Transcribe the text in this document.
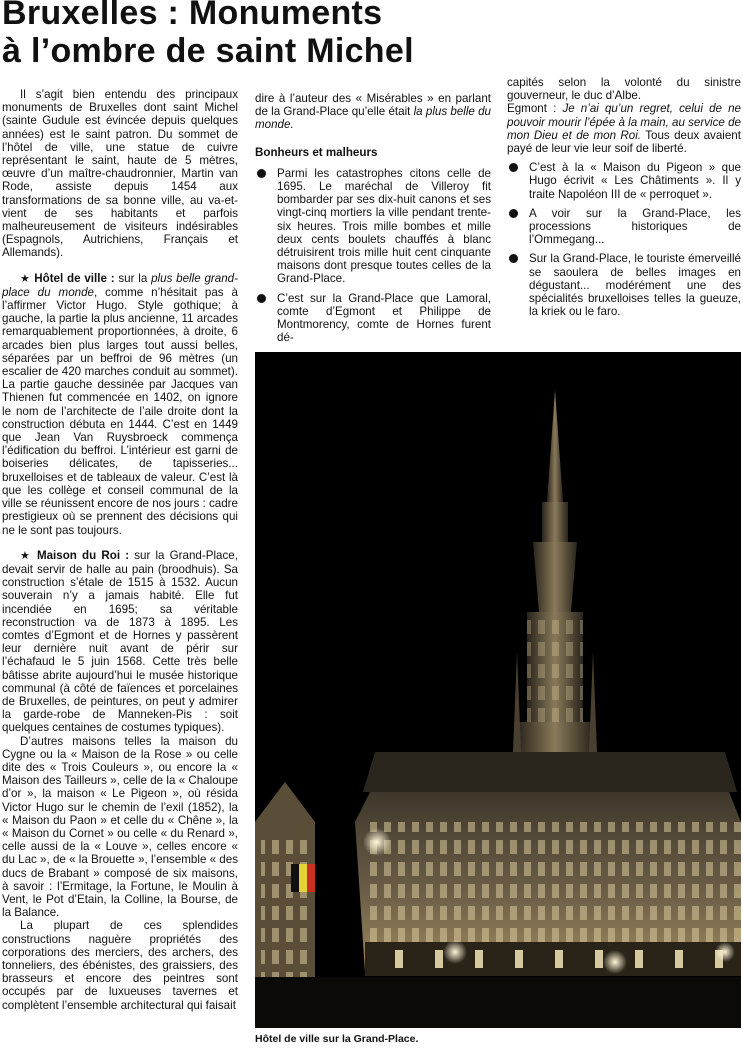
Bruxelles : Monuments
à l’ombre de saint Michel

Il s’agit bien entendu des principaux monuments de Bruxelles dont saint Michel (sainte Gudule est évincée depuis quelques années) est le saint patron. Du sommet de l’hôtel de ville, une statue de cuivre représentant le saint, haute de 5 mètres, œuvre d’un maître-chaudronnier, Martin van Rode, assiste depuis 1454 aux transformations de sa bonne ville, au va-et-vient de ses habitants et parfois malheureusement de visiteurs indésirables (Espagnols, Autrichiens, Français et Allemands).

★ Hôtel de ville : sur la plus belle grand-place du monde, comme n’hésitait pas à l’affirmer Victor Hugo. Style gothique; à gauche, la partie la plus ancienne, 11 arcades remarquablement proportionnées, à droite, 6 arcades bien plus larges tout aussi belles, séparées par un beffroi de 96 mètres (un escalier de 420 marches conduit au sommet). La partie gauche dessinée par Jacques van Thienen fut commencée en 1402, on ignore le nom de l’architecte de l’aile droite dont la construction débuta en 1444. C’est en 1449 que Jean Van Ruysbroeck commença l’édification du beffroi. L’intérieur est garni de boiseries délicates, de tapisseries... bruxelloises et de tableaux de valeur. C’est là que les collège et conseil communal de la ville se réunissent encore de nos jours : cadre prestigieux où se prennent des décisions qui ne le sont pas toujours.

★ Maison du Roi : sur la Grand-Place, devait servir de halle au pain (broodhuis). Sa construction s’étale de 1515 à 1532. Aucun souverain n’y a jamais habité. Elle fut incendiée en 1695; sa véritable reconstruction va de 1873 à 1895. Les comtes d’Egmont et de Hornes y passèrent leur dernière nuit avant de périr sur l’échafaud le 5 juin 1568. Cette très belle bâtisse abrite aujourd’hui le musée historique communal (à côté de faïences et porcelaines de Bruxelles, de peintures, on peut y admirer la garde-robe de Manneken-Pis : soit quelques centaines de costumes typiques).

D’autres maisons telles la maison du Cygne ou la « Maison de la Rose » ou celle dite des « Trois Couleurs », ou encore la « Maison des Tailleurs », celle de la « Chaloupe d’or », la maison « Le Pigeon », où résida Victor Hugo sur le chemin de l’exil (1852), la « Maison du Paon » et celle du « Chêne », la « Maison du Cornet » ou celle « du Renard », celle aussi de la « Louve », celles encore « du Lac », de « la Brouette », l’ensemble « des ducs de Brabant » composé de six maisons, à savoir : l’Ermitage, la Fortune, le Moulin à Vent, le Pot d’Etain, la Colline, la Bourse, de la Balance.

La plupart de ces splendides constructions naguère propriétés des corporations des merciers, des archers, des tonneliers, des ébénistes, des graissiers, des brasseurs et encore des peintres sont occupés par de luxueuses tavernes et complètent l’ensemble architectural qui faisait

dire à l’auteur des « Misérables » en parlant de la Grand-Place qu’elle était la plus belle du monde.

Bonheurs et malheurs

Parmi les catastrophes citons celle de 1695. Le maréchal de Villeroy fit bombarder par ses dix-huit canons et ses vingt-cinq mortiers la ville pendant trente-six heures. Trois mille bombes et mille deux cents boulets chauffés à blanc détruisirent trois mille huit cent cinquante maisons dont presque toutes celles de la Grand-Place.

C’est sur la Grand-Place que Lamoral, comte d’Egmont et Philippe de Montmorency, comte de Hornes furent dé-

capités selon la volonté du sinistre gouverneur, le duc d’Albe.

Egmont : Je n’ai qu’un regret, celui de ne pouvoir mourir l’épée à la main, au service de mon Dieu et de mon Roi. Tous deux avaient payé de leur vie leur soif de liberté.

C’est à la « Maison du Pigeon » que Hugo écrivit « Les Châtiments ». Il y traite Napoléon III de « perroquet ».

A voir sur la Grand-Place, les processions historiques de l’Ommegang...

Sur la Grand-Place, le touriste émerveillé se saoulera de belles images en dégustant... modérément une des spécialités bruxelloises telles la gueuze, la kriek ou le faro.

Hôtel de ville sur la Grand-Place.
